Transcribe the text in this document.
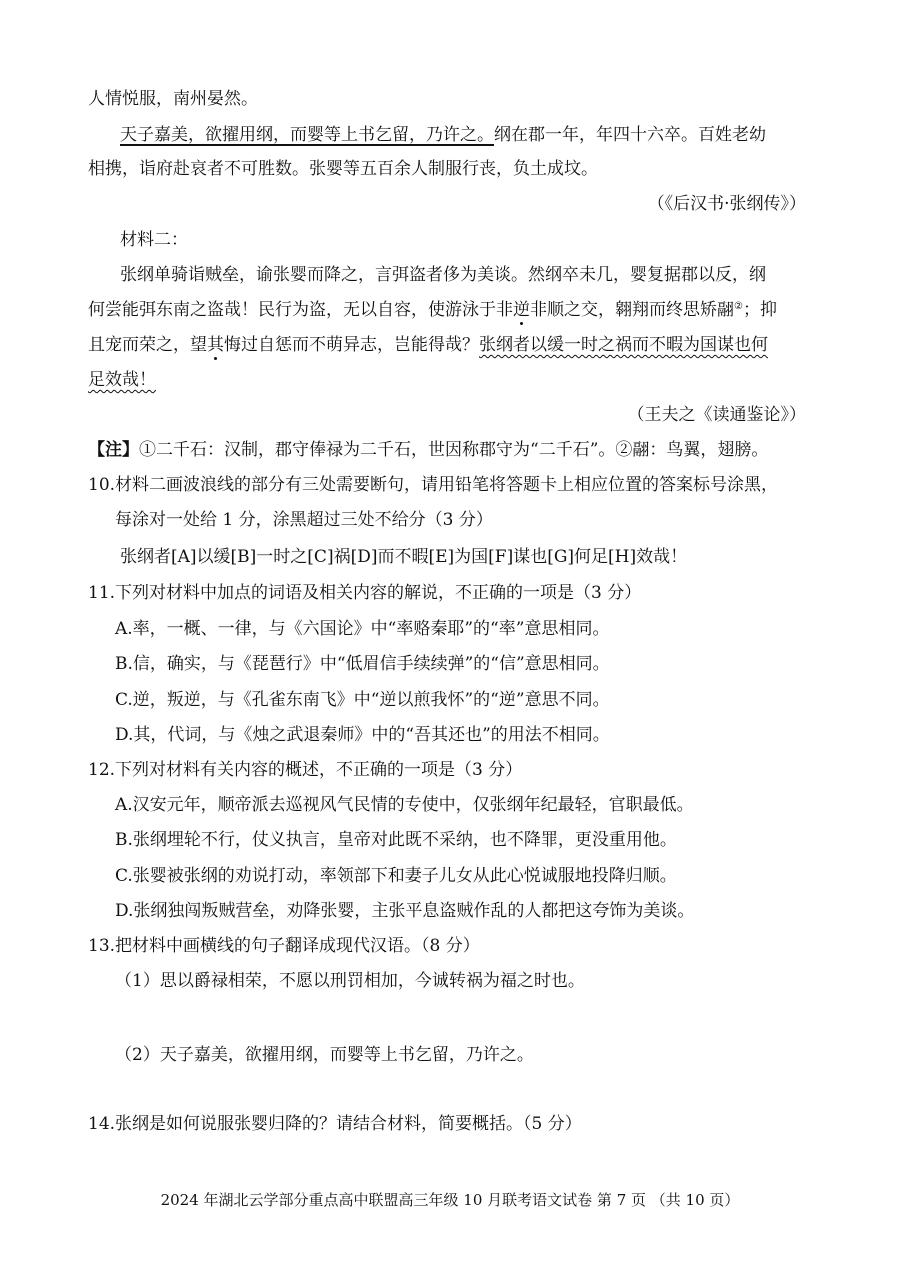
人情悦服，南州晏然。
天子嘉美，欲擢用纲，而婴等上书乞留，乃许之。纲在郡一年，年四十六卒。百姓老幼
相携，诣府赴哀者不可胜数。张婴等五百余人制服行丧，负土成坟。
（《后汉书·张纲传》）
材料二：
张纲单骑诣贼垒，谕张婴而降之，言弭盗者侈为美谈。然纲卒未几，婴复据郡以反，纲
何尝能弭东南之盗哉！民行为盗，无以自容，使游泳于非逆非顺之交，翱翔而终思矫翮②；抑
且宠而荣之，望其悔过自惩而不萌异志，岂能得哉？张纲者以缓一时之祸而不暇为国谋也何
足效哉！
（王夫之《读通鉴论》）
【注】①二千石：汉制，郡守俸禄为二千石，世因称郡守为“二千石”。②翮：鸟翼，翅膀。
10.材料二画波浪线的部分有三处需要断句，请用铅笔将答题卡上相应位置的答案标号涂黑，
每涂对一处给 1 分，涂黑超过三处不给分（3 分）
张纲者[A]以缓[B]一时之[C]祸[D]而不暇[E]为国[F]谋也[G]何足[H]效哉！
11.下列对材料中加点的词语及相关内容的解说，不正确的一项是（3 分）
A.率，一概、一律，与《六国论》中“率赂秦耶”的“率”意思相同。
B.信，确实，与《琵琶行》中“低眉信手续续弹”的“信”意思相同。
C.逆，叛逆，与《孔雀东南飞》中“逆以煎我怀”的“逆”意思不同。
D.其，代词，与《烛之武退秦师》中的“吾其还也”的用法不相同。
12.下列对材料有关内容的概述，不正确的一项是（3 分）
A.汉安元年，顺帝派去巡视风气民情的专使中，仅张纲年纪最轻，官职最低。
B.张纲埋轮不行，仗义执言，皇帝对此既不采纳，也不降罪，更没重用他。
C.张婴被张纲的劝说打动，率领部下和妻子儿女从此心悦诚服地投降归顺。
D.张纲独闯叛贼营垒，劝降张婴，主张平息盗贼作乱的人都把这夸饰为美谈。
13.把材料中画横线的句子翻译成现代汉语。（8 分）
（1）思以爵禄相荣，不愿以刑罚相加，今诚转祸为福之时也。
（2）天子嘉美，欲擢用纲，而婴等上书乞留，乃许之。
14.张纲是如何说服张婴归降的？请结合材料，简要概括。（5 分）
2024 年湖北云学部分重点高中联盟高三年级 10 月联考语文试卷 第 7 页 （共 10 页）
